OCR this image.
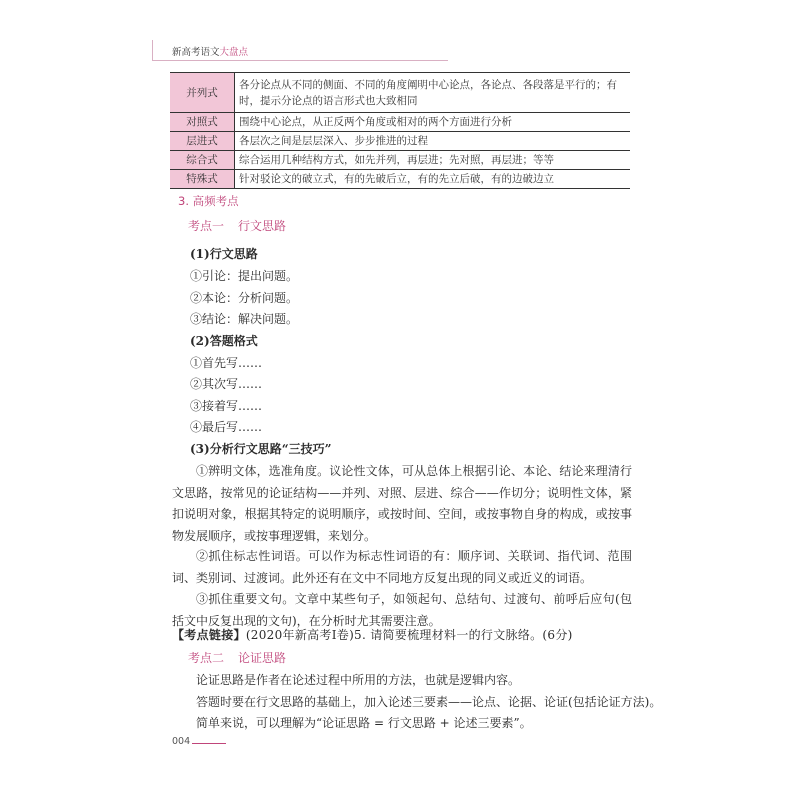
新高考语文大盘点
并列式	各分论点从不同的侧面、不同的角度阐明中心论点，各论点、各段落是平行的；有时，提示分论点的语言形式也大致相同
对照式	围绕中心论点，从正反两个角度或相对的两个方面进行分析
层进式	各层次之间是层层深入、步步推进的过程
综合式	综合运用几种结构方式，如先并列，再层进；先对照，再层进；等等
特殊式	针对驳论文的破立式，有的先破后立，有的先立后破，有的边破边立
3. 高频考点
考点一 行文思路
(1)行文思路
①引论：提出问题。
②本论：分析问题。
③结论：解决问题。
(2)答题格式
①首先写……
②其次写……
③接着写……
④最后写……
(3)分析行文思路“三技巧”
①辨明文体，选准角度。议论性文体，可从总体上根据引论、本论、结论来理清行文思路，按常见的论证结构——并列、对照、层进、综合——作切分；说明性文体，紧扣说明对象，根据其特定的说明顺序，或按时间、空间，或按事物自身的构成，或按事物发展顺序，或按事理逻辑，来划分。
②抓住标志性词语。可以作为标志性词语的有：顺序词、关联词、指代词、范围词、类别词、过渡词。此外还有在文中不同地方反复出现的同义或近义的词语。
③抓住重要文句。文章中某些句子，如领起句、总结句、过渡句、前呼后应句(包括文中反复出现的文句)，在分析时尤其需要注意。
【考点链接】(2020年新高考Ⅰ卷)5. 请简要梳理材料一的行文脉络。(6分)
考点二 论证思路
论证思路是作者在论述过程中所用的方法，也就是逻辑内容。
答题时要在行文思路的基础上，加入论述三要素——论点、论据、论证(包括论证方法)。
简单来说，可以理解为“论证思路 = 行文思路 + 论述三要素”。
004
